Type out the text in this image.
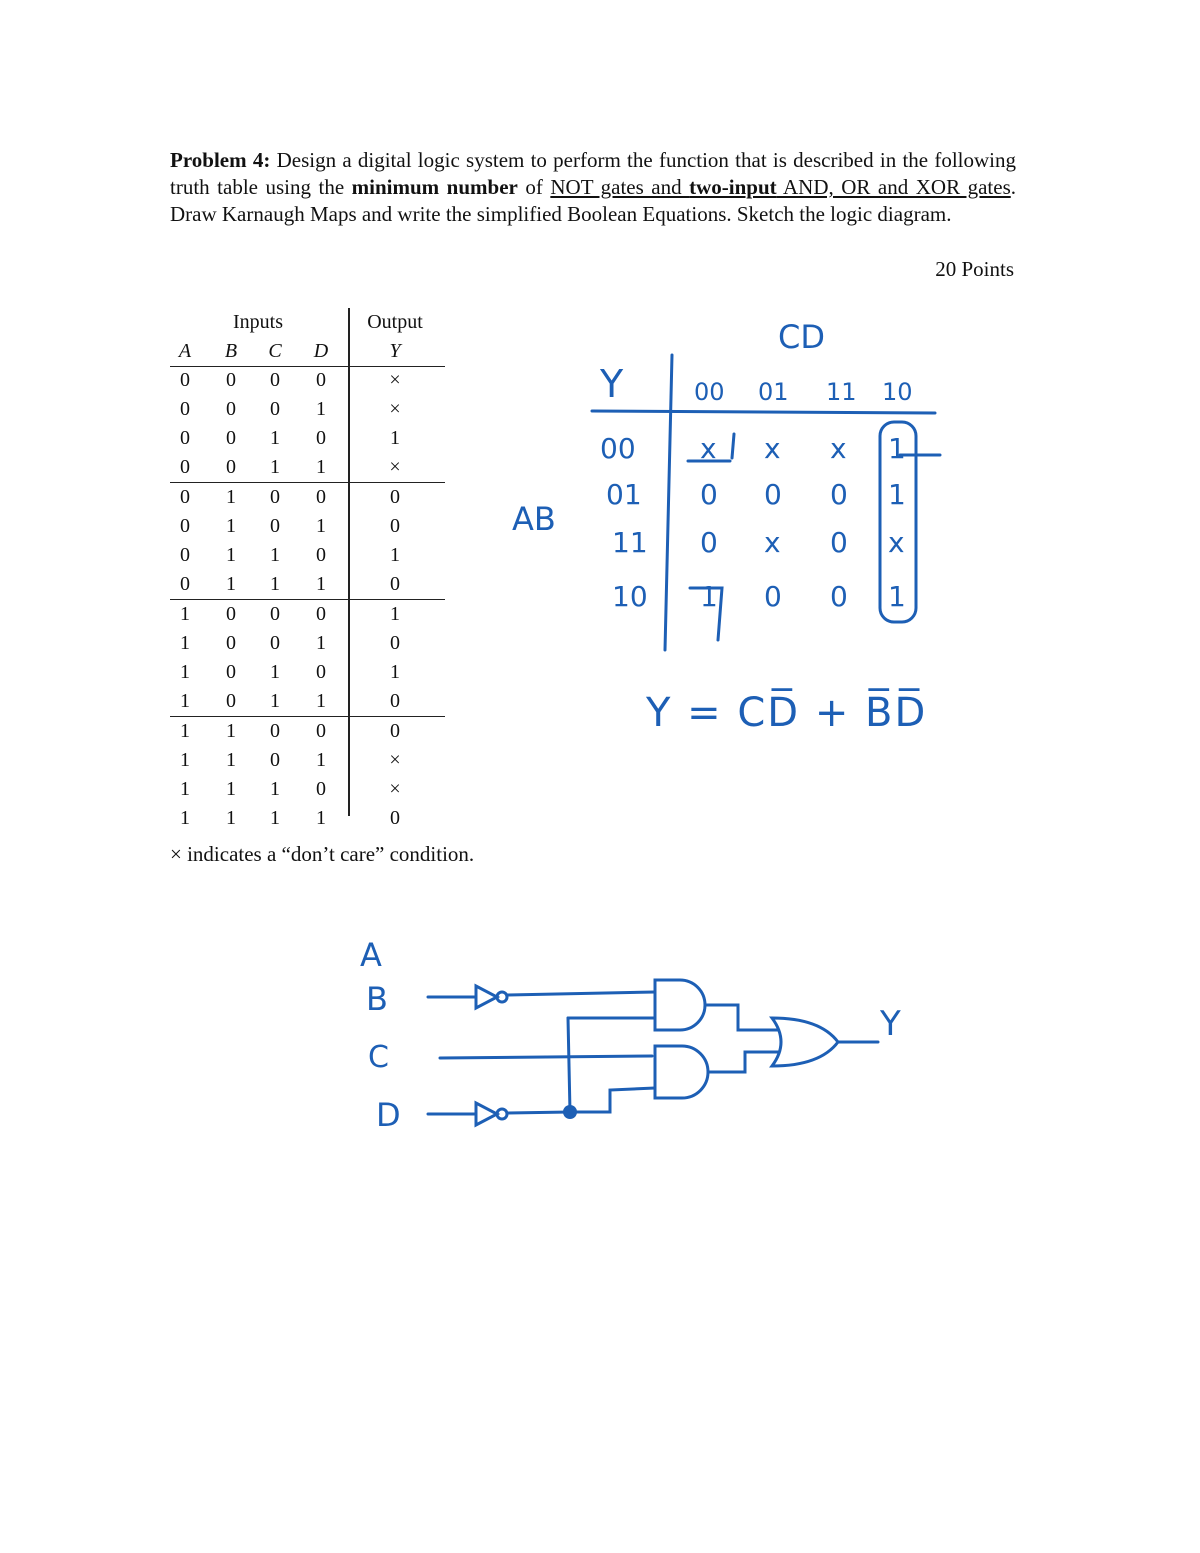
Problem 4: Design a digital logic system to perform the function that is described in the following truth table using the minimum number of NOT gates and two-input AND, OR and XOR gates. Draw Karnaugh Maps and write the simplified Boolean Equations. Sketch the logic diagram.
20 Points
Inputs	Output
A	B	C	D	Y
0	0	0	0	×
0	0	0	1	×
0	0	1	0	1
0	0	1	1	×
0	1	0	0	0
0	1	0	1	0
0	1	1	0	1
0	1	1	1	0
1	0	0	0	1
1	0	0	1	0
1	0	1	0	1
1	0	1	1	0
1	1	0	0	0
1	1	0	1	×
1	1	1	0	×
1	1	1	1	0
× indicates a “don’t care” condition.
Y
CD
AB
00 01 11 10
00
01
11
10
x x x 1
0 0 0 1
0 x 0 x
1 0 0 1
Y = CD̅ + B̅D̅
A
B
C
D
Y
